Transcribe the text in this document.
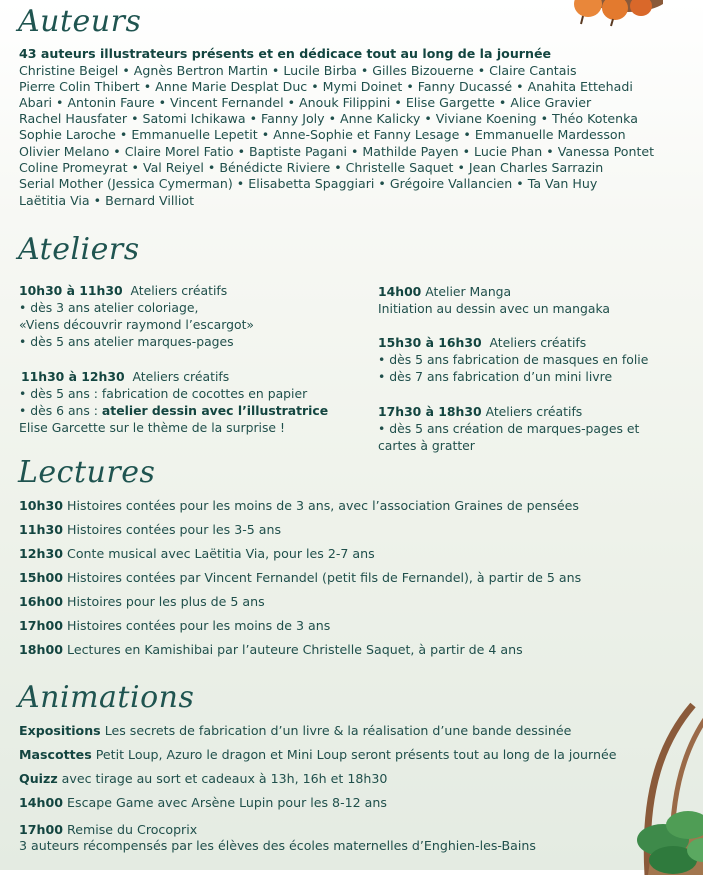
Auteurs
43 auteurs illustrateurs présents et en dédicace tout au long de la journée
Christine Beigel • Agnès Bertron Martin • Lucile Birba • Gilles Bizouerne • Claire Cantais
Pierre Colin Thibert • Anne Marie Desplat Duc • Mymi Doinet • Fanny Ducassé • Anahita Ettehadi
Abari • Antonin Faure • Vincent Fernandel • Anouk Filippini • Elise Gargette • Alice Gravier
Rachel Hausfater • Satomi Ichikawa • Fanny Joly • Anne Kalicky • Viviane Koening • Théo Kotenka
Sophie Laroche • Emmanuelle Lepetit • Anne-Sophie et Fanny Lesage • Emmanuelle Mardesson
Olivier Melano • Claire Morel Fatio • Baptiste Pagani • Mathilde Payen • Lucie Phan • Vanessa Pontet
Coline Promeyrat • Val Reiyel • Bénédicte Riviere • Christelle Saquet • Jean Charles Sarrazin
Serial Mother (Jessica Cymerman) • Elisabetta Spaggiari • Grégoire Vallancien • Ta Van Huy
Laëtitia Via • Bernard Villiot
Ateliers
10h30 à 11h30 Ateliers créatifs
• dès 3 ans atelier coloriage,
«Viens découvrir raymond l’escargot»
• dès 5 ans atelier marques-pages
11h30 à 12h30 Ateliers créatifs
• dès 5 ans : fabrication de cocottes en papier
• dès 6 ans : atelier dessin avec l’illustratrice
Elise Garcette sur le thème de la surprise !
14h00 Atelier Manga
Initiation au dessin avec un mangaka
15h30 à 16h30 Ateliers créatifs
• dès 5 ans fabrication de masques en folie
• dès 7 ans fabrication d’un mini livre
17h30 à 18h30 Ateliers créatifs
• dès 5 ans création de marques-pages et
cartes à gratter
Lectures
10h30 Histoires contées pour les moins de 3 ans, avec l’association Graines de pensées
11h30 Histoires contées pour les 3-5 ans
12h30 Conte musical avec Laëtitia Via, pour les 2-7 ans
15h00 Histoires contées par Vincent Fernandel (petit fils de Fernandel), à partir de 5 ans
16h00 Histoires pour les plus de 5 ans
17h00 Histoires contées pour les moins de 3 ans
18h00 Lectures en Kamishibai par l’auteure Christelle Saquet, à partir de 4 ans
Animations
Expositions Les secrets de fabrication d’un livre & la réalisation d’une bande dessinée
Mascottes Petit Loup, Azuro le dragon et Mini Loup seront présents tout au long de la journée
Quizz avec tirage au sort et cadeaux à 13h, 16h et 18h30
14h00 Escape Game avec Arsène Lupin pour les 8-12 ans
17h00 Remise du Crocoprix
3 auteurs récompensés par les élèves des écoles maternelles d’Enghien-les-Bains
